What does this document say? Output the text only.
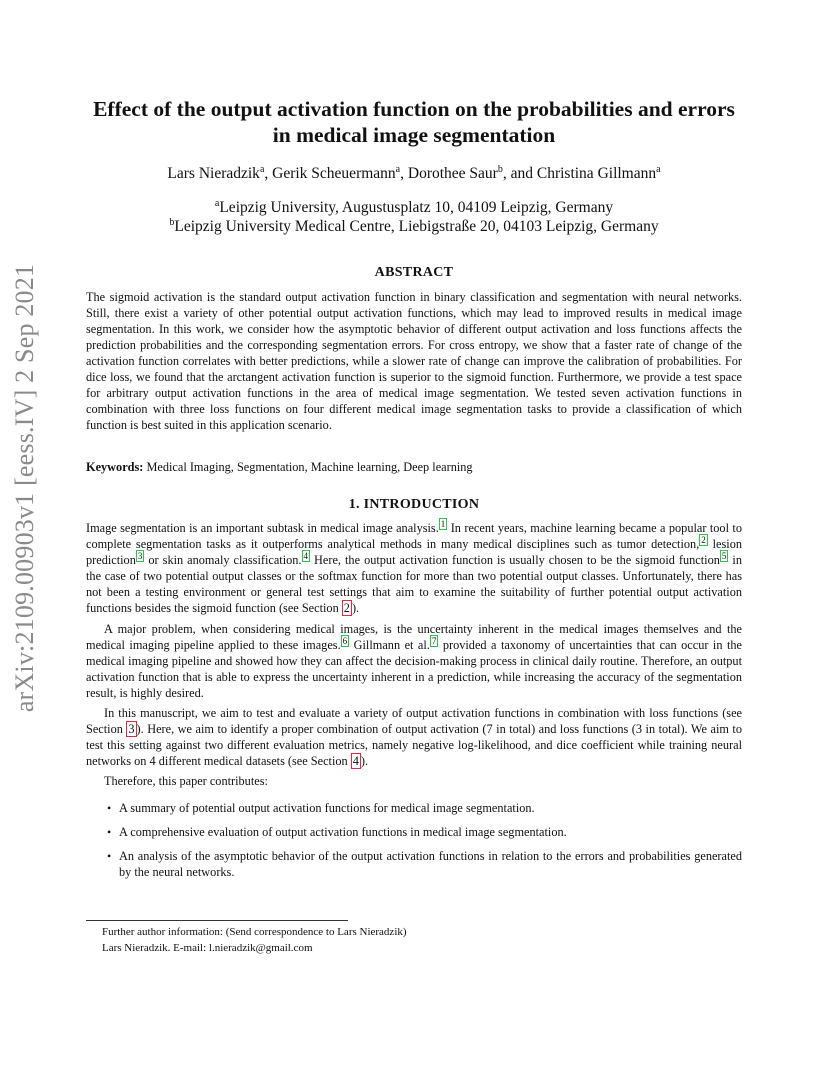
arXiv:2109.00903v1 [eess.IV] 2 Sep 2021
Effect of the output activation function on the probabilities and errors in medical image segmentation
Lars Nieradzik$^a$, Gerik Scheuermann$^a$, Dorothee Saur$^b$, and Christina Gillmann$^a$
$^a$Leipzig University, Augustusplatz 10, 04109 Leipzig, Germany
$^b$Leipzig University Medical Centre, Liebigstraße 20, 04103 Leipzig, Germany
ABSTRACT

The sigmoid activation is the standard output activation function in binary classification and segmentation with neural networks. Still, there exist a variety of other potential output activation functions, which may lead to improved results in medical image segmentation. In this work, we consider how the asymptotic behavior of different output activation and loss functions affects the prediction probabilities and the corresponding segmentation errors. For cross entropy, we show that a faster rate of change of the activation function correlates with better predictions, while a slower rate of change can improve the calibration of probabilities. For dice loss, we found that the arctangent activation function is superior to the sigmoid function. Furthermore, we provide a test space for arbitrary output activation functions in the area of medical image segmentation. We tested seven activation functions in combination with three loss functions on four different medical image segmentation tasks to provide a classification of which function is best suited in this application scenario.

Keywords: Medical Imaging, Segmentation, Machine learning, Deep learning

1. INTRODUCTION

Image segmentation is an important subtask in medical image analysis. $^1$ In recent years, machine learning became a popular tool to complete segmentation tasks as it outperforms analytical methods in many medical disciplines such as tumor detection, $^2$ lesion prediction $^3$ or skin anomaly classification. $^4$ Here, the output activation function is usually chosen to be the sigmoid function $^5$ in the case of two potential output classes or the softmax function for more than two potential output classes. Unfortunately, there has not been a testing environment or general test settings that aim to examine the suitability of further potential output activation functions besides the sigmoid function (see Section 2 ).

A major problem, when considering medical images, is the uncertainty inherent in the medical images themselves and the medical imaging pipeline applied to these images. $^6$ Gillmann et al. $^7$ provided a taxonomy of uncertainties that can occur in the medical imaging pipeline and showed how they can affect the decision-making process in clinical daily routine. Therefore, an output activation function that is able to express the uncertainty inherent in a prediction, while increasing the accuracy of the segmentation result, is highly desired.

In this manuscript, we aim to test and evaluate a variety of output activation functions in combination with loss functions (see Section 3 ). Here, we aim to identify a proper combination of output activation (7 in total) and loss functions (3 in total). We aim to test this setting against two different evaluation metrics, namely negative log-likelihood, and dice coefficient while training neural networks on 4 different medical datasets (see Section 4 ).

Therefore, this paper contributes:

• A summary of potential output activation functions for medical image segmentation.
• A comprehensive evaluation of output activation functions in medical image segmentation.
• An analysis of the asymptotic behavior of the output activation functions in relation to the errors and probabilities generated by the neural networks.
Further author information: (Send correspondence to Lars Nieradzik)
Lars Nieradzik. E-mail: l.nieradzik@gmail.com
